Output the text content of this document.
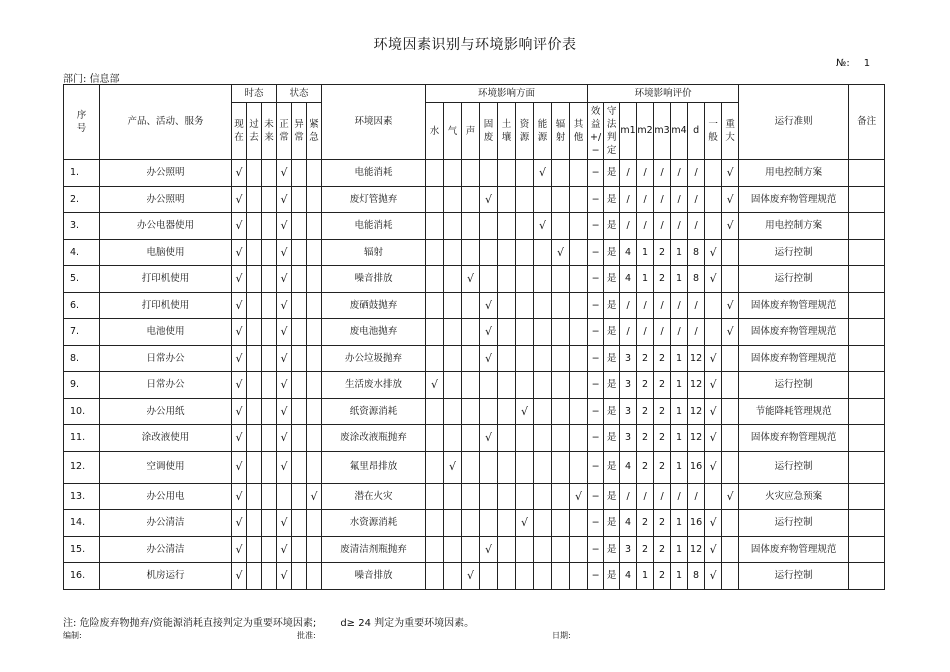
环境因素识别与环境影响评价表
№: 1
部门: 信息部
序号	产品、活动、服务	时态			状态			环境因素	环境影响方面									环境影响评价									运行准则	备注
		现在	过去	未来	正常	异常	紧急		水	气	声	固废	土壤	资源	能源	辐射	其他	效益+/−	守法判定	m1	m2	m3	m4	d	一般	重大		
1.	办公照明	√			√			电能消耗							√			−	是	/	/	/	/	/		√	用电控制方案	
2.	办公照明	√			√			废灯管抛弃				√						−	是	/	/	/	/	/		√	固体废弃物管理规范	
3.	办公电器使用	√			√			电能消耗							√			−	是	/	/	/	/	/		√	用电控制方案	
4.	电脑使用	√			√			辐射								√		−	是	4	1	2	1	8	√		运行控制	
5.	打印机使用	√			√			噪音排放			√							−	是	4	1	2	1	8	√		运行控制	
6.	打印机使用	√			√			废硒鼓抛弃				√						−	是	/	/	/	/	/		√	固体废弃物管理规范	
7.	电池使用	√			√			废电池抛弃				√						−	是	/	/	/	/	/		√	固体废弃物管理规范	
8.	日常办公	√			√			办公垃圾抛弃				√						−	是	3	2	2	1	12	√		固体废弃物管理规范	
9.	日常办公	√			√			生活废水排放	√									−	是	3	2	2	1	12	√		运行控制	
10.	办公用纸	√			√			纸资源消耗						√				−	是	3	2	2	1	12	√		节能降耗管理规范	
11.	涂改液使用	√			√			废涂改液瓶抛弃				√						−	是	3	2	2	1	12	√		固体废弃物管理规范	
12.	空调使用	√			√			氟里昂排放		√								−	是	4	2	2	1	16	√		运行控制	
13.	办公用电	√					√	潜在火灾									√	−	是	/	/	/	/	/		√	火灾应急预案	
14.	办公清洁	√			√			水资源消耗						√				−	是	4	2	2	1	16	√		运行控制	
15.	办公清洁	√			√			废清洁剂瓶抛弃				√						−	是	3	2	2	1	12	√		固体废弃物管理规范	
16.	机房运行	√			√			噪音排放			√							−	是	4	1	2	1	8	√		运行控制	
注: 危险废弃物抛弃/资能源消耗直接判定为重要环境因素; d≥ 24 判定为重要环境因素。
编制:	批准:	日期:
